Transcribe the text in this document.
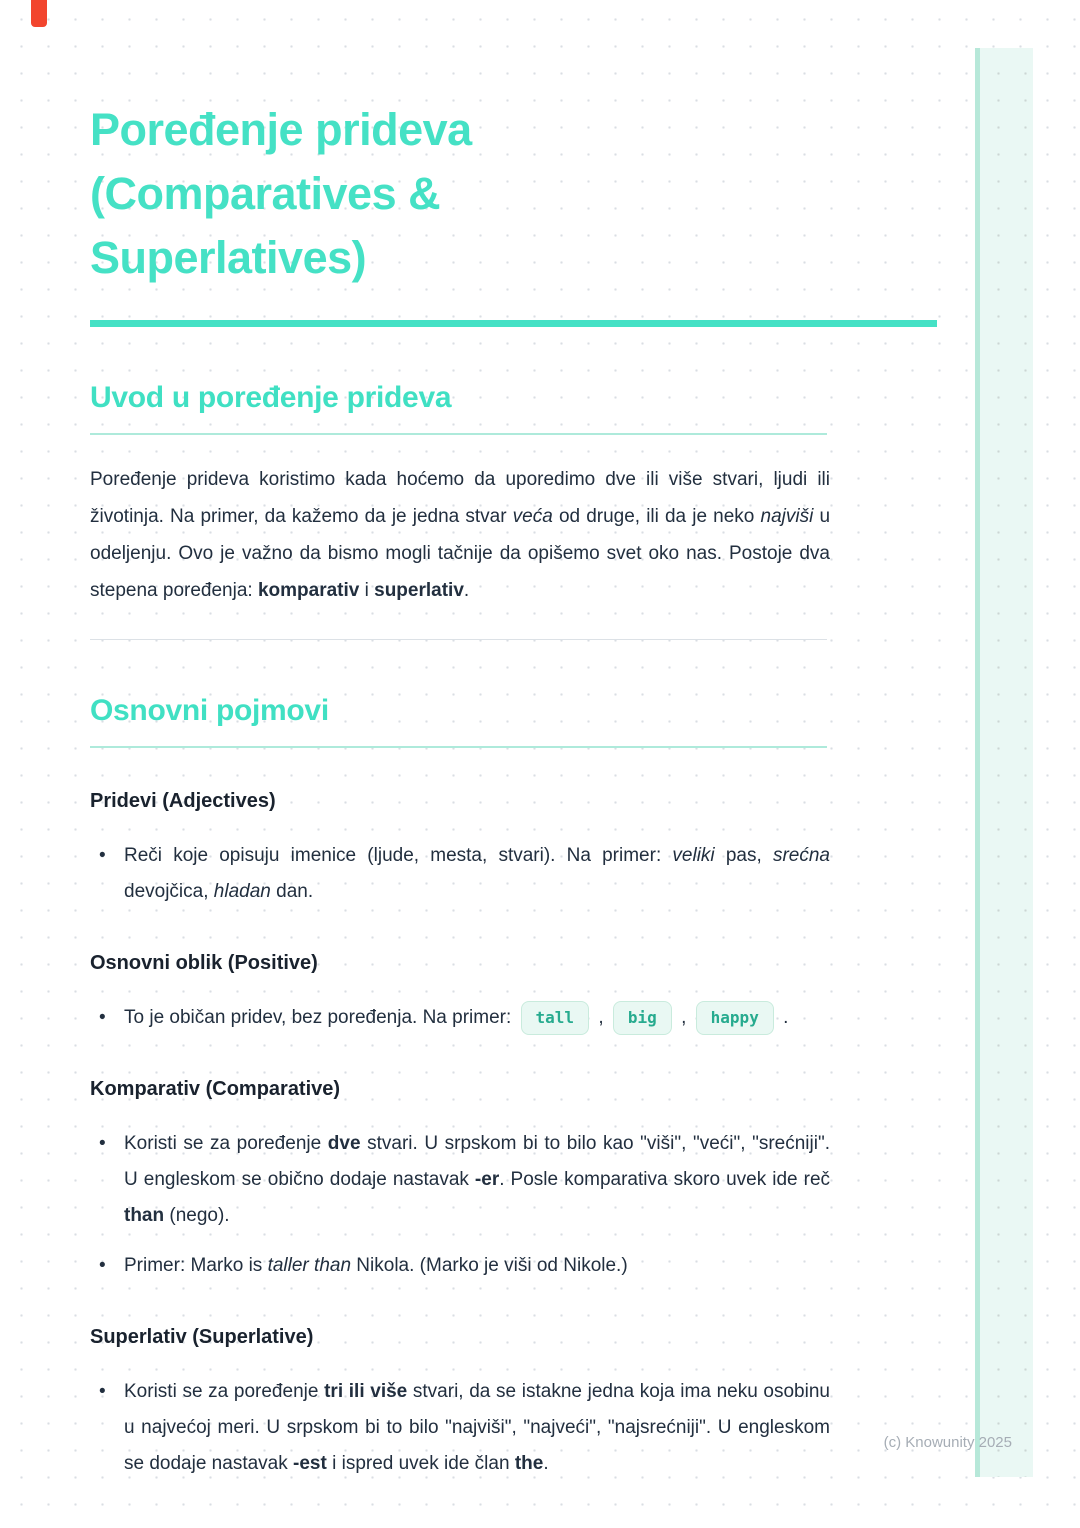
Poređenje prideva (Comparatives & Superlatives)
Uvod u poređenje prideva

Poređenje prideva koristimo kada hoćemo da uporedimo dve ili više stvari, ljudi ili životinja. Na primer, da kažemo da je jedna stvar veća od druge, ili da je neko najviši u odeljenju. Ovo je važno da bismo mogli tačnije da opišemo svet oko nas. Postoje dva stepena poređenja: komparativ i superlativ.

Osnovni pojmovi
Pridevi (Adjectives)
• Reči koje opisuju imenice (ljude, mesta, stvari). Na primer: veliki pas, srećna devojčica, hladan dan.
Osnovni oblik (Positive)
• To je običan pridev, bez poređenja. Na primer: tall , big , happy .
Komparativ (Comparative)
• Koristi se za poređenje dve stvari. U srpskom bi to bilo kao "viši", "veći", "srećniji". U engleskom se obično dodaje nastavak -er. Posle komparativa skoro uvek ide reč than (nego).
• Primer: Marko is taller than Nikola. (Marko je viši od Nikole.)
Superlativ (Superlative)
• Koristi se za poređenje tri ili više stvari, da se istakne jedna koja ima neku osobinu u najvećoj meri. U srpskom bi to bilo "najviši", "najveći", "najsrećniji". U engleskom se dodaje nastavak -est i ispred uvek ide član the.
(c) Knowunity 2025
